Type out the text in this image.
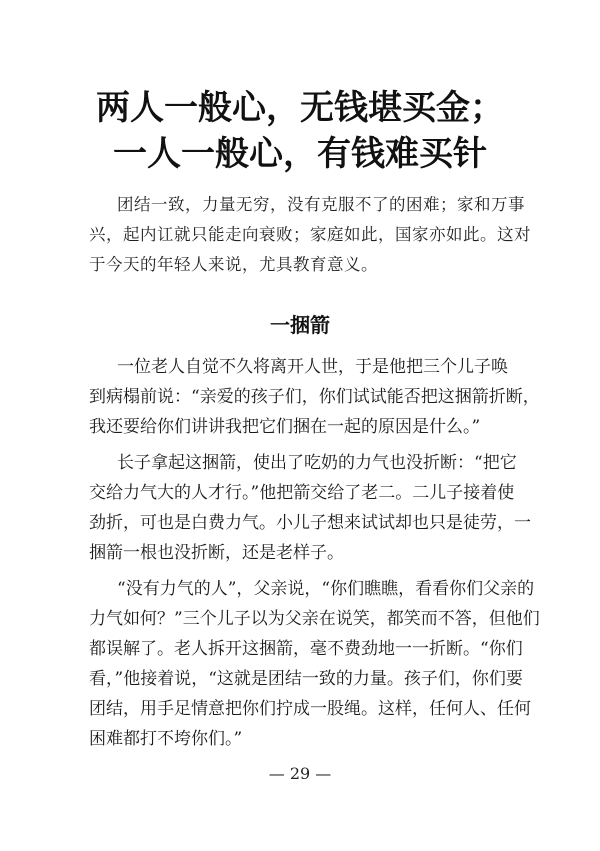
两人一般心，无钱堪买金；
一人一般心，有钱难买针
团结一致，力量无穷，没有克服不了的困难；家和万事
兴，起内讧就只能走向衰败；家庭如此，国家亦如此。这对
于今天的年轻人来说，尤具教育意义。
一捆箭
一位老人自觉不久将离开人世，于是他把三个儿子唤
到病榻前说：“亲爱的孩子们，你们试试能否把这捆箭折断，
我还要给你们讲讲我把它们捆在一起的原因是什么。”
长子拿起这捆箭，使出了吃奶的力气也没折断：“把它
交给力气大的人才行。”他把箭交给了老二。二儿子接着使
劲折，可也是白费力气。小儿子想来试试却也只是徒劳，一
捆箭一根也没折断，还是老样子。
“没有力气的人”，父亲说，“你们瞧瞧，看看你们父亲的
力气如何？”三个儿子以为父亲在说笑，都笑而不答，但他们
都误解了。老人拆开这捆箭，毫不费劲地一一折断。“你们
看，”他接着说，“这就是团结一致的力量。孩子们，你们要
团结，用手足情意把你们拧成一股绳。这样，任何人、任何
困难都打不垮你们。”
— 29 —
